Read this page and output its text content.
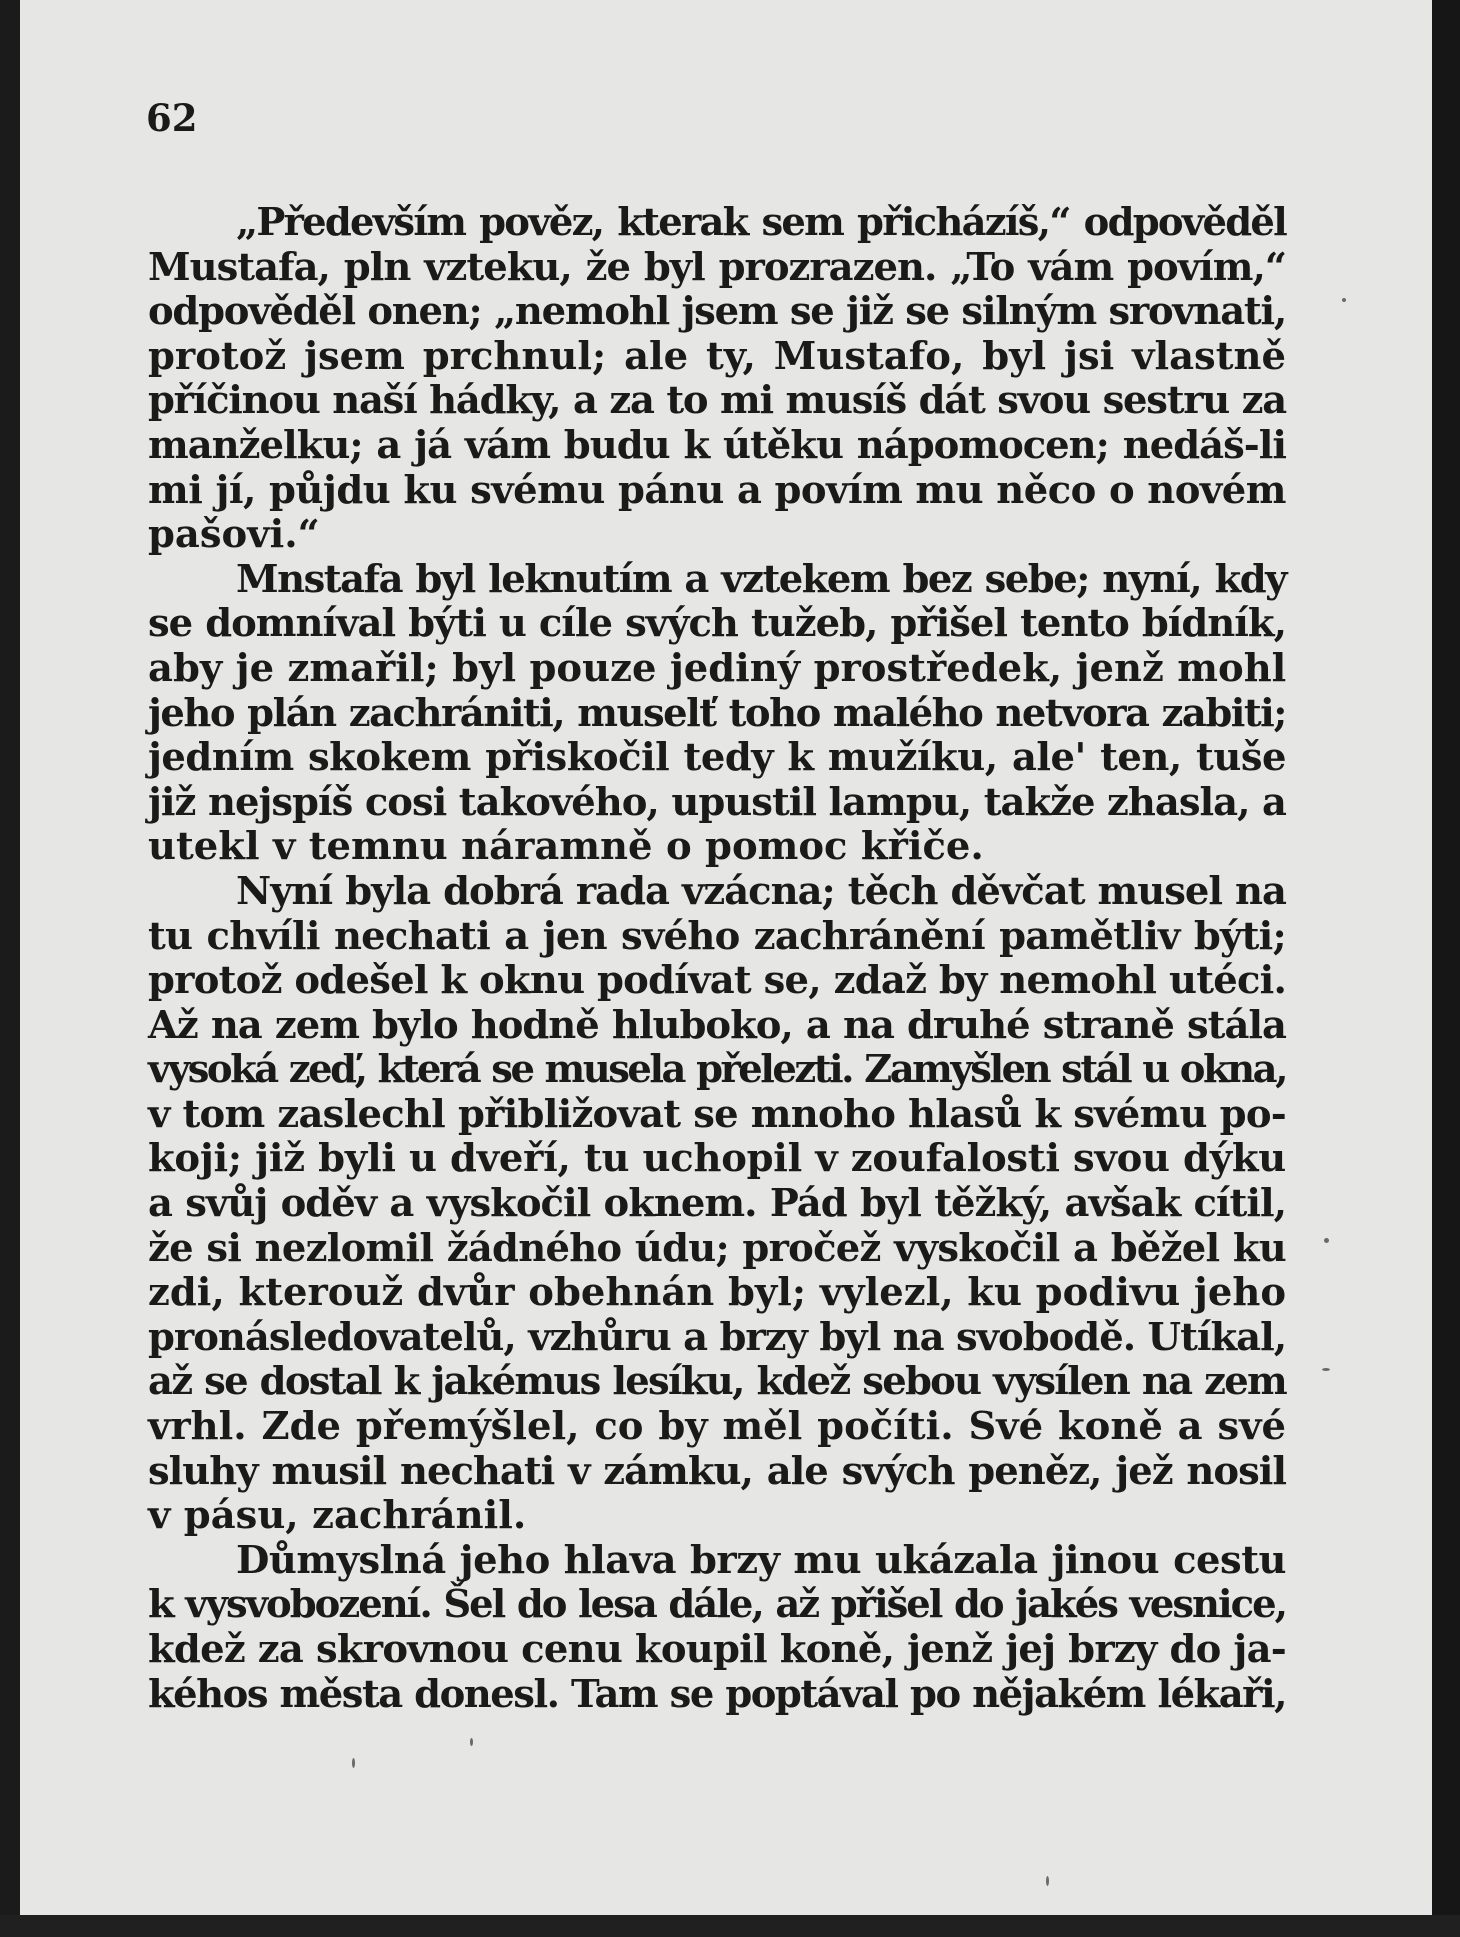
62
„Především pověz, kterak sem přicházíš,“ odpověděl
Mustafa, pln vzteku, že byl prozrazen. „To vám povím,“
odpověděl onen; „nemohl jsem se již se silným srovnati,
protož jsem prchnul; ale ty, Mustafo, byl jsi vlastně
příčinou naší hádky, a za to mi musíš dát svou sestru za
manželku; a já vám budu k útěku nápomocen; nedáš-li
mi jí, půjdu ku svému pánu a povím mu něco o novém
pašovi.“
Mnstafa byl leknutím a vztekem bez sebe; nyní, kdy
se domníval býti u cíle svých tužeb, přišel tento bídník,
aby je zmařil; byl pouze jediný prostředek, jenž mohl
jeho plán zachrániti, muselť toho malého netvora zabiti;
jedním skokem přiskočil tedy k mužíku, ale' ten, tuše
již nejspíš cosi takového, upustil lampu, takže zhasla, a
utekl v temnu náramně o pomoc křiče.
Nyní byla dobrá rada vzácna; těch děvčat musel na
tu chvíli nechati a jen svého zachránění pamětliv býti;
protož odešel k oknu podívat se, zdaž by nemohl utéci.
Až na zem bylo hodně hluboko, a na druhé straně stála
vysoká zeď, která se musela přelezti. Zamyšlen stál u okna,
v tom zaslechl přibližovat se mnoho hlasů k svému po-
koji; již byli u dveří, tu uchopil v zoufalosti svou dýku
a svůj oděv a vyskočil oknem. Pád byl těžký, avšak cítil,
že si nezlomil žádného údu; pročež vyskočil a běžel ku
zdi, kterouž dvůr obehnán byl; vylezl, ku podivu jeho
pronásledovatelů, vzhůru a brzy byl na svobodě. Utíkal,
až se dostal k jakémus lesíku, kdež sebou vysílen na zem
vrhl. Zde přemýšlel, co by měl počíti. Své koně a své
sluhy musil nechati v zámku, ale svých peněz, jež nosil
v pásu, zachránil.
Důmyslná jeho hlava brzy mu ukázala jinou cestu
k vysvobození. Šel do lesa dále, až přišel do jakés vesnice,
kdež za skrovnou cenu koupil koně, jenž jej brzy do ja-
kéhos města donesl. Tam se poptával po nějakém lékaři,
